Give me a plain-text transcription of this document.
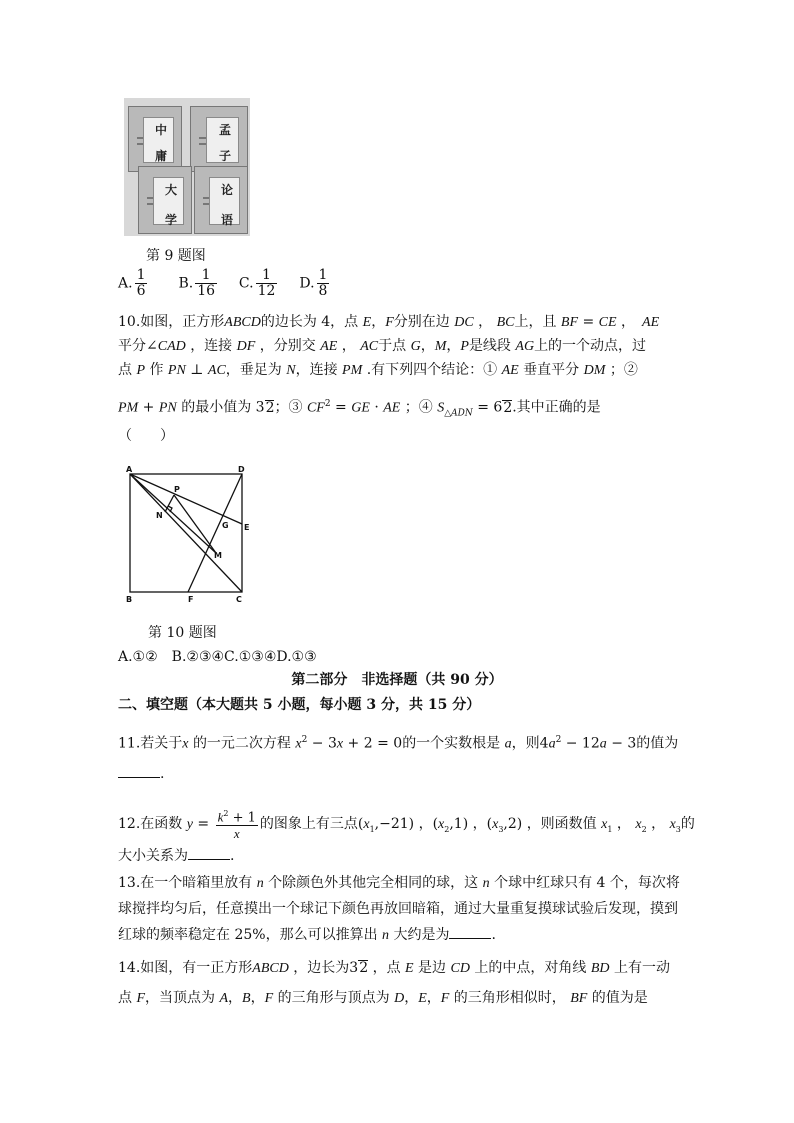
中
庸
孟
子
大
学
论
语
第 9 题图
A. $\frac{1}{6} B$. $\frac{1}{16} C$. $\frac{1}{12} D$. $\frac{1}{8}$
10.如图，正方形ABCD的边长为 4，点 E，F分别在边 DC ， BC上，且 BF = CE ，　AE
平分∠CAD ，连接 DF ，分别交 AE ， AC于点 G，M，P是线段 AG上的一个动点，过
点 P 作 PN ⊥ AC，垂足为 N，连接 PM .有下列四个结论：① AE 垂直平分 DM ；②
PM + PN 的最小值为 32；③ $CF^2$ = GE · AE ；④ $S_{\triangle ADN} = 62$.其中正确的是
（　　）
A	D
P
N
G E
M
B	F	C
第 10 题图
A.①②　B.②③④C.①③④D.①③
第二部分　非选择题（共 90 分）
二、填空题（本大题共 5 小题，每小题 3 分，共 15 分）
11.若关于x 的一元二次方程 $x^2 - 3x + 2 = 0$的一个实数根是 a，则$4a^2 - 12a - 3$的值为
.
12.在函数 $y = \frac{k^2 + 1}{x}$ 的图象上有三点$(x_1,-21)$ ，$(x_2,1)$ ，$(x_3,2)$ ，则函数值 $x_1$ ， $x_2$ ， $x_3$的
大小关系为	.
13.在一个暗箱里放有 n 个除颜色外其他完全相同的球，这 n 个球中红球只有 4 个，每次将
球搅拌均匀后，任意摸出一个球记下颜色再放回暗箱，通过大量重复摸球试验后发现，摸到
红球的频率稳定在 25%，那么可以推算出 n 大约是为	.
14.如图，有一正方形ABCD ，边长为32 ，点 E 是边 CD 上的中点，对角线 BD 上有一动
点 F，当顶点为 A，B，F 的三角形与顶点为 D，E，F 的三角形相似时， BF 的值为是
